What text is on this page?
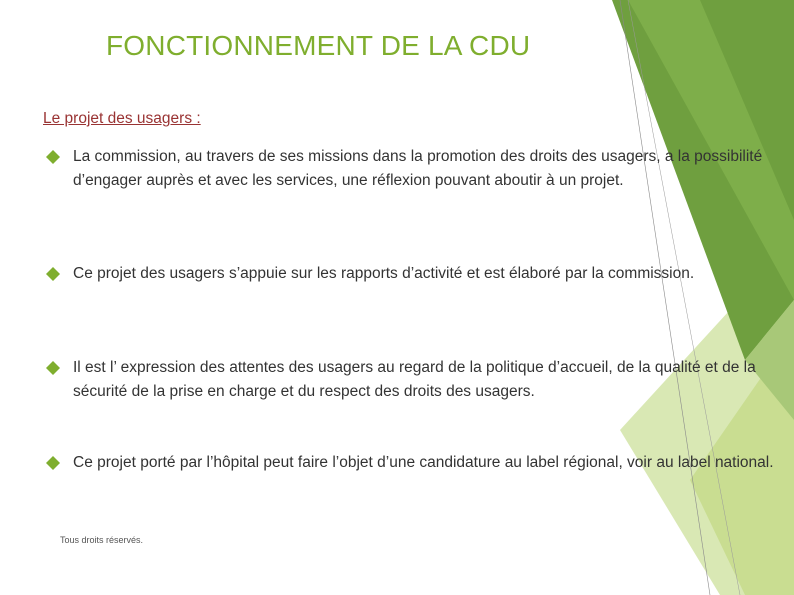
FONCTIONNEMENT DE LA CDU
Le projet des usagers :
La commission, au travers de ses missions dans la promotion des droits des usagers, a la possibilité d’engager auprès et avec les services, une réflexion pouvant aboutir à un projet.
Ce projet des usagers s’appuie sur les rapports d’activité et est élaboré par la commission.
Il est l’ expression des attentes des usagers au regard de la politique d’accueil, de la qualité et de la sécurité de la prise en charge et du respect des droits des usagers.
Ce projet porté par l’hôpital peut faire l’objet d’une candidature au label régional, voir au label national.
Tous droits réservés.
